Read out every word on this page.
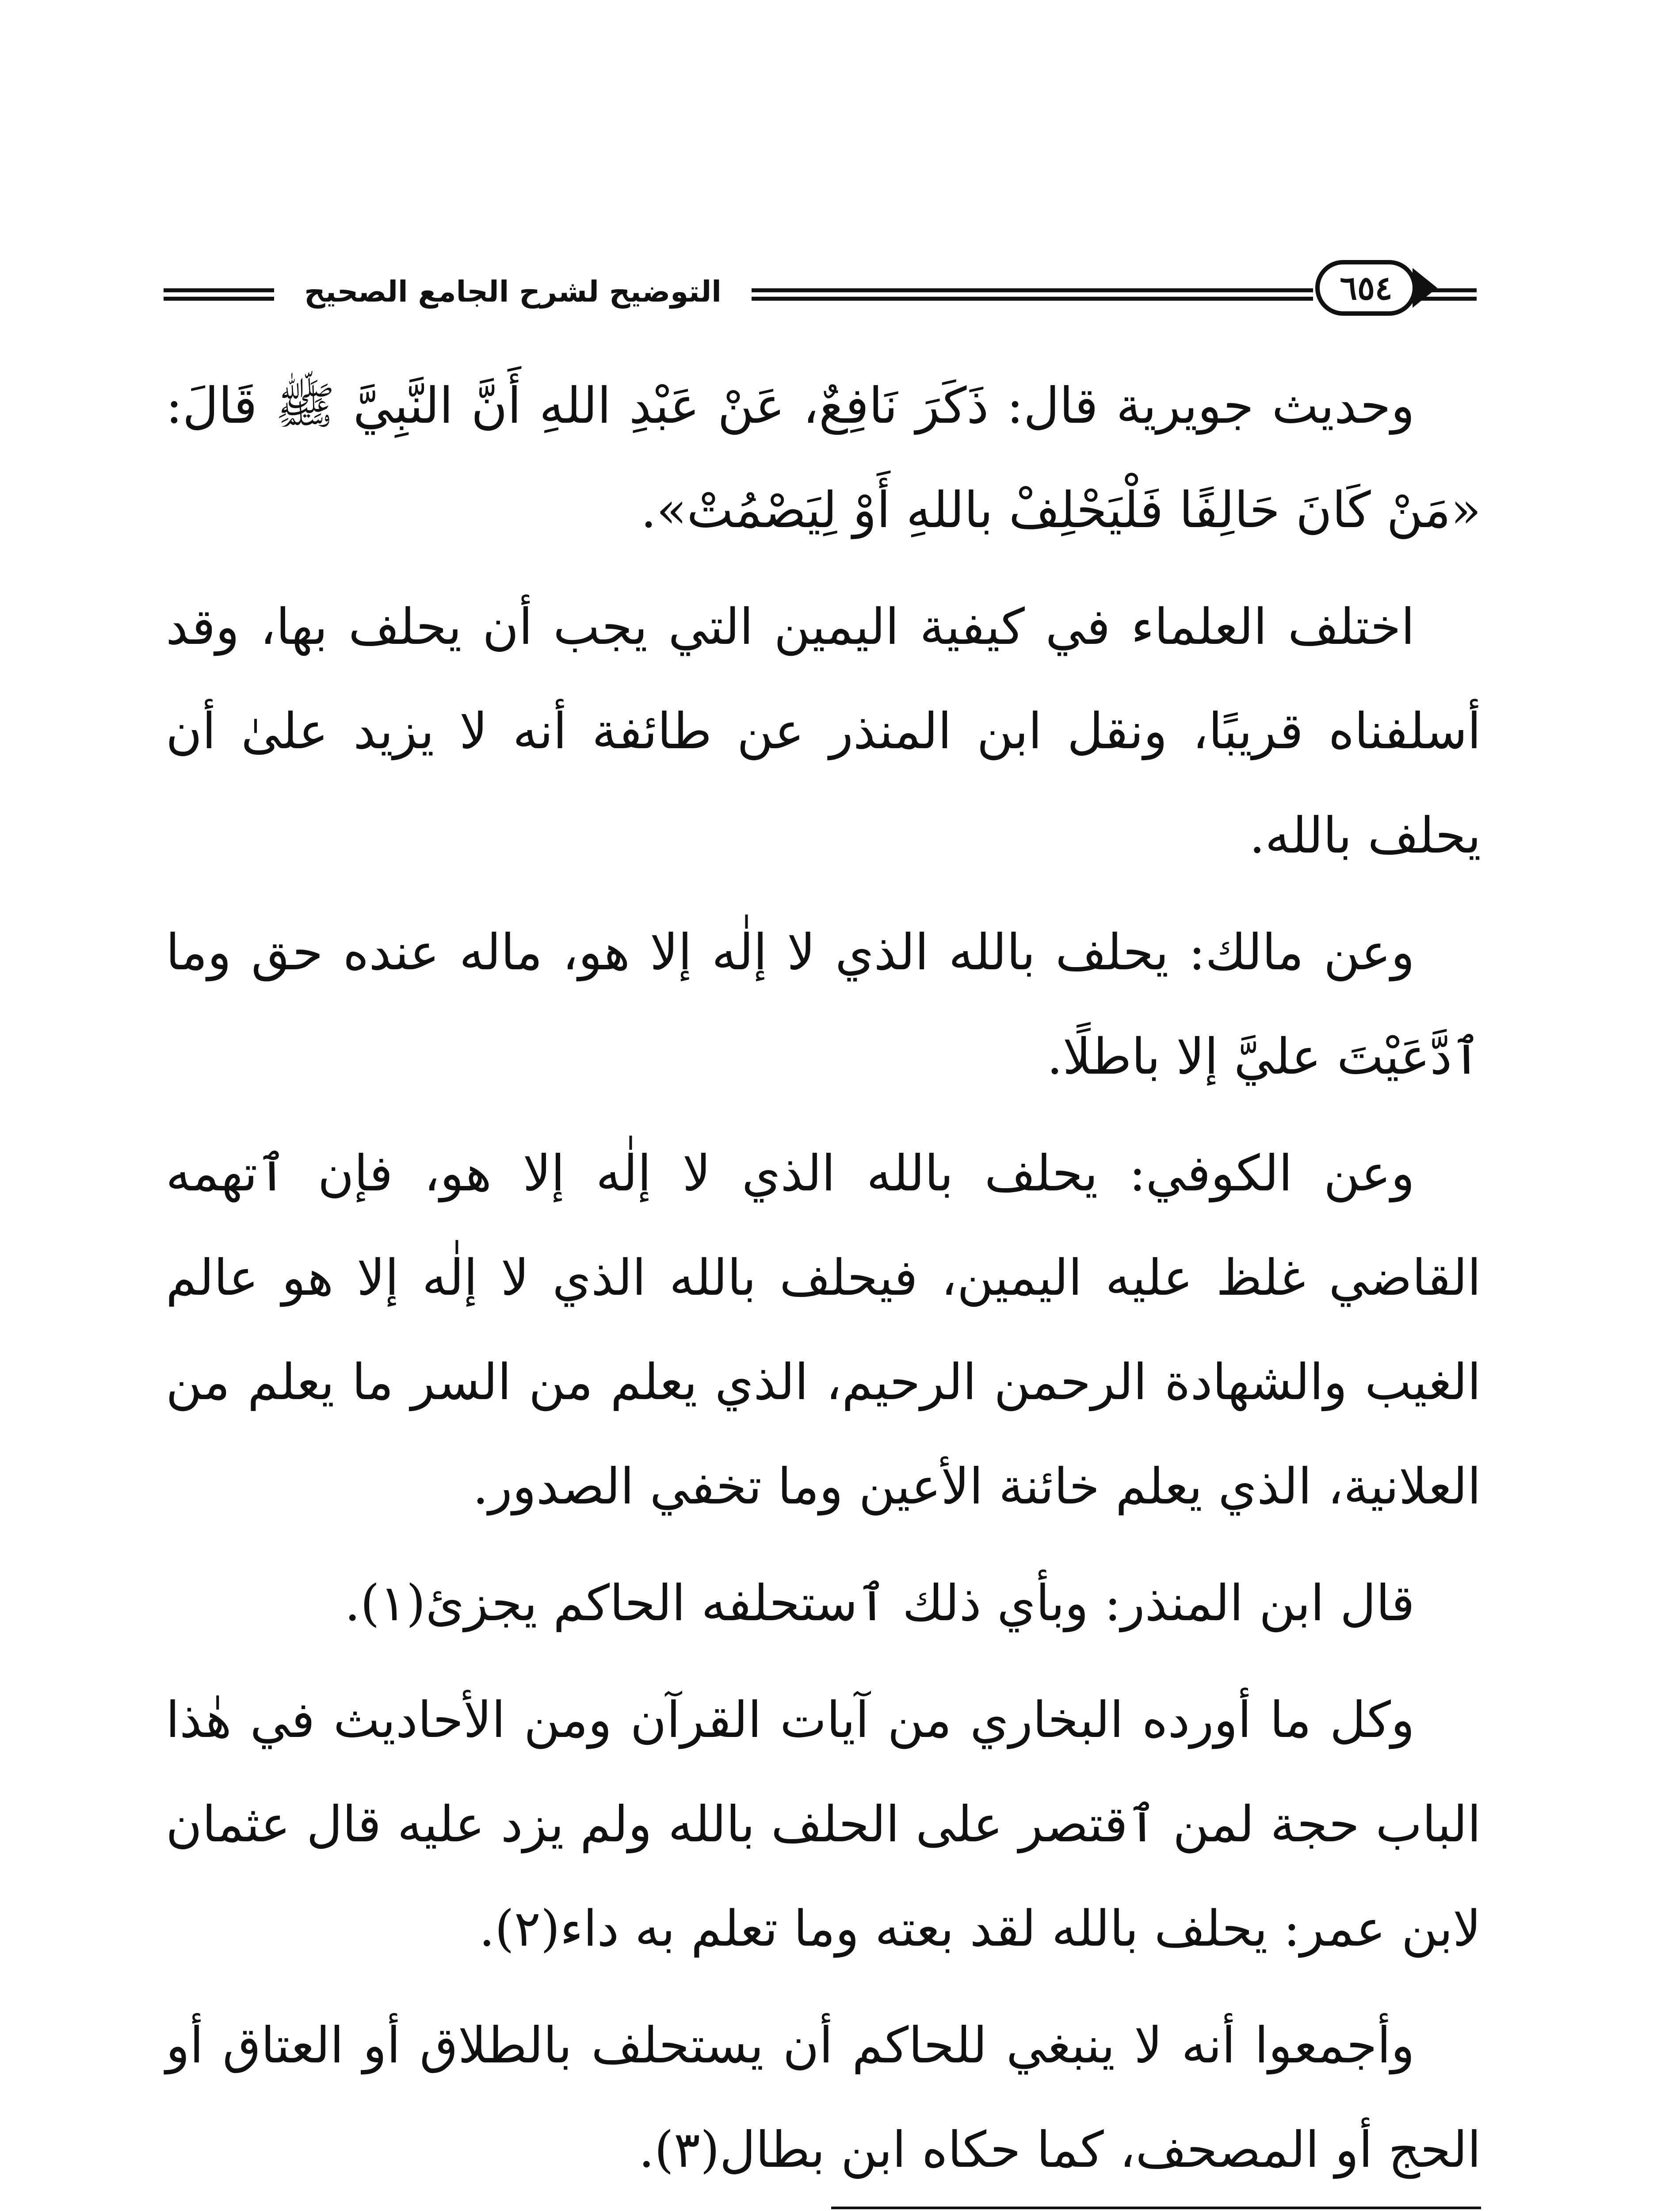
التوضيح لشرح الجامع الصحيح	٦٥٤

وحديث جويرية قال: ذَكَرَ نَافِعٌ، عَنْ عَبْدِ اللهِ أَنَّ النَّبِيَّ ﷺ قَالَ: «مَنْ كَانَ حَالِفًا فَلْيَحْلِفْ باللهِ أَوْ لِيَصْمُتْ».

اختلف العلماء في كيفية اليمين التي يجب أن يحلف بها، وقد أسلفناه قريبًا، ونقل ابن المنذر عن طائفة أنه لا يزيد علىٰ أن يحلف بالله.

وعن مالك: يحلف بالله الذي لا إلٰه إلا هو، ماله عنده حق وما ٱدَّعَيْتَ عليَّ إلا باطلًا.

وعن الكوفي: يحلف بالله الذي لا إلٰه إلا هو، فإن ٱتهمه القاضي غلظ عليه اليمين، فيحلف بالله الذي لا إلٰه إلا هو عالم الغيب والشهادة الرحمن الرحيم، الذي يعلم من السر ما يعلم من العلانية، الذي يعلم خائنة الأعين وما تخفي الصدور.

قال ابن المنذر: وبأي ذلك ٱستحلفه الحاكم يجزئ(١).

وكل ما أورده البخاري من آيات القرآن ومن الأحاديث في هٰذا الباب حجة لمن ٱقتصر على الحلف بالله ولم يزد عليه قال عثمان لابن عمر: يحلف بالله لقد بعته وما تعلم به داء(٢).

وأجمعوا أنه لا ينبغي للحاكم أن يستحلف بالطلاق أو العتاق أو الحج أو المصحف، كما حكاه ابن بطال(٣).
